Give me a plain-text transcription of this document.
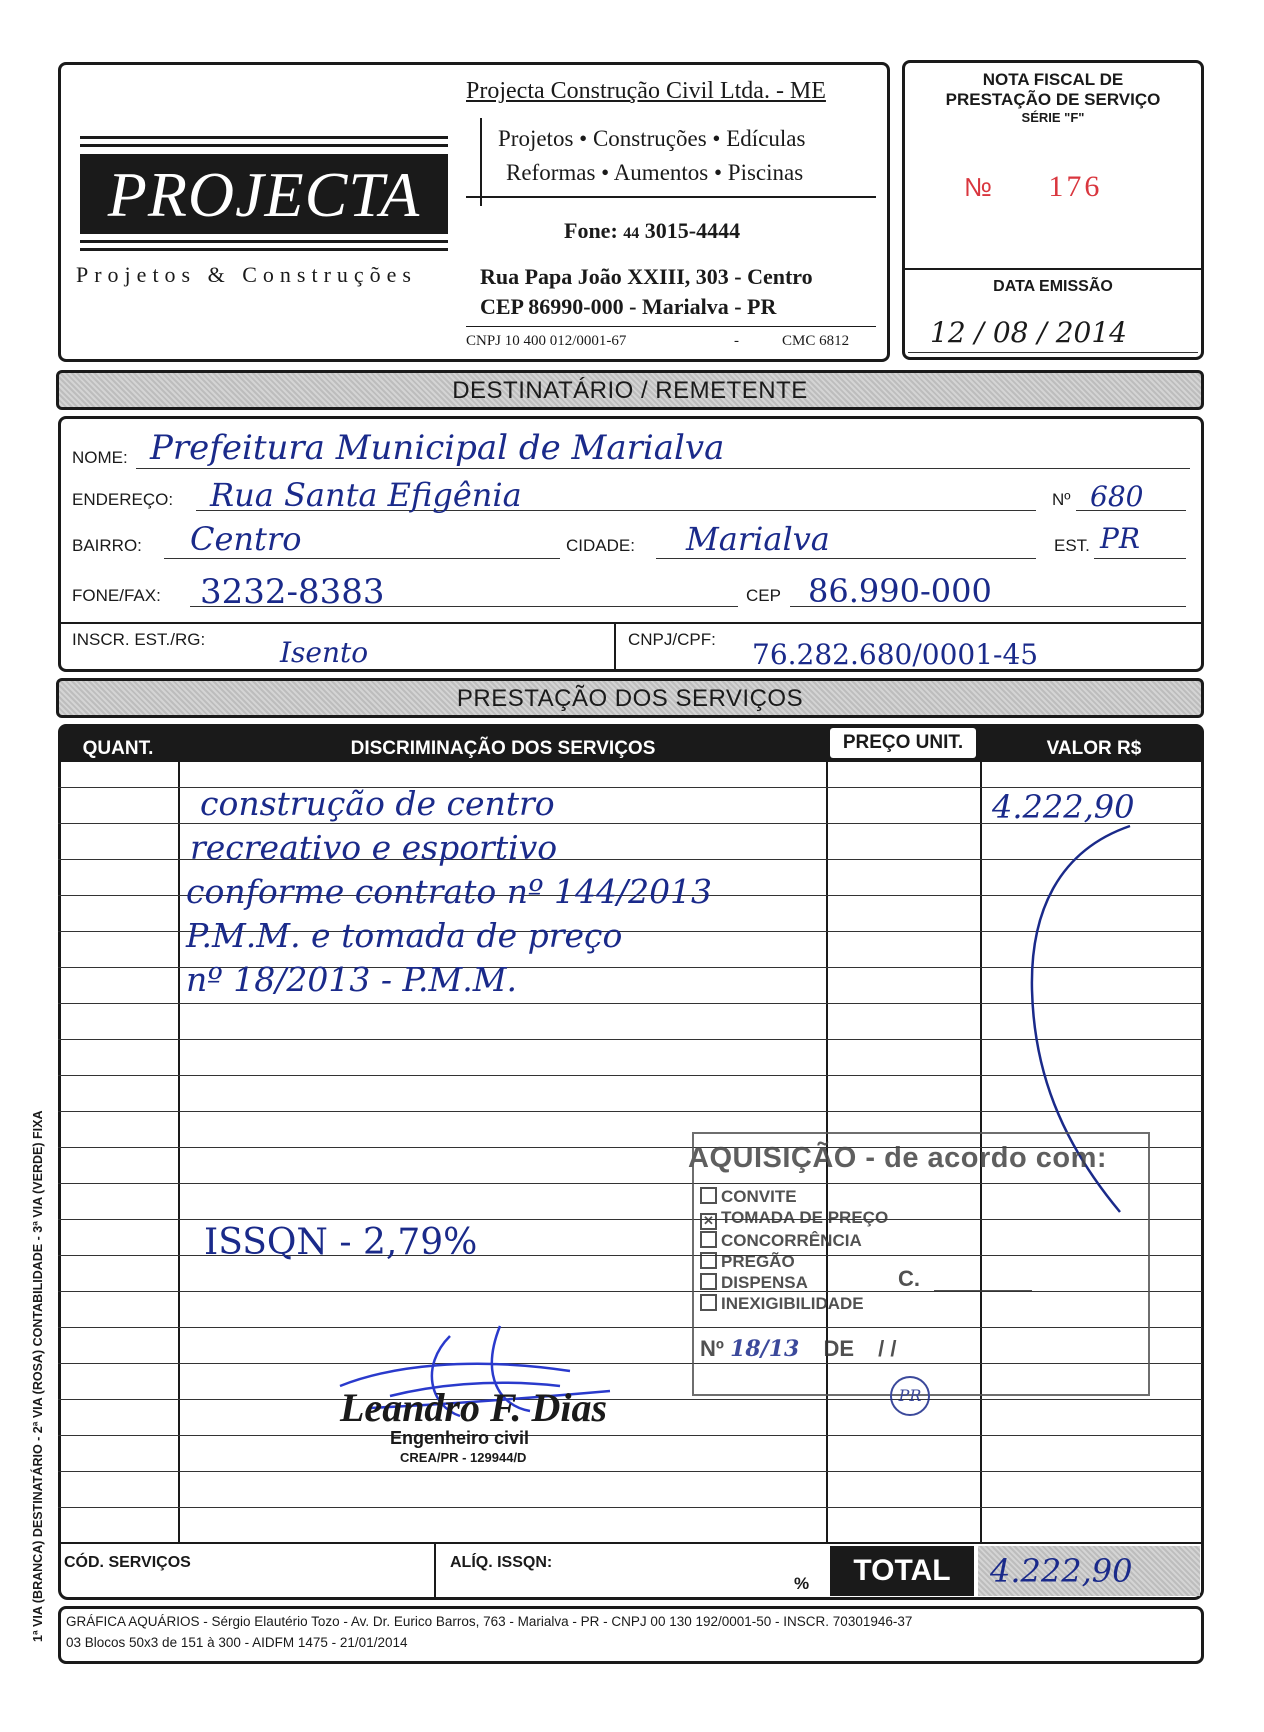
PROJECTA
Projetos & Construções
Projecta Construção Civil Ltda. - ME
Projetos • Construções • Edículas
Reformas • Aumentos • Piscinas
Fone: 44 3015-4444
Rua Papa João XXIII, 303 - Centro
CEP 86990-000 - Marialva - PR
CNPJ 10 400 012/0001-67	-	CMC 6812
NOTA FISCAL DE
PRESTAÇÃO DE SERVIÇO
SÉRIE "F"
№ 176
DATA EMISSÃO
12 / 08 / 2014
DESTINATÁRIO / REMETENTE
NOME: Prefeitura Municipal de Marialva
ENDEREÇO: Rua Santa Efigênia	Nº 680
BAIRRO: Centro	CIDADE: Marialva	EST. PR
FONE/FAX: 3232-8383	CEP 86.990-000
INSCR. EST./RG:	Isento	CNPJ/CPF: 76.282.680/0001-45
PRESTAÇÃO DOS SERVIÇOS
QUANT.	DISCRIMINAÇÃO DOS SERVIÇOS	PREÇO UNIT.	VALOR R$
construção de centro
recreativo e esportivo
conforme contrato nº 144/2013
P.M.M. e tomada de preço
nº 18/2013 - P.M.M.
4.222,90
ISSQN - 2,79%
AQUISIÇÃO - de acordo com:
CONVITE
✕ TOMADA DE PREÇO
CONCORRÊNCIA
PREGÃO
DISPENSA
INEXIGIBILIDADE
C.
Nº 18/13 DE / /
PR
Leandro F. Dias
Engenheiro civil
CREA/PR - 129944/D
CÓD. SERVIÇOS	ALÍQ. ISSQN:
%	TOTAL	4.222,90
GRÁFICA AQUÁRIOS - Sérgio Elautério Tozo - Av. Dr. Eurico Barros, 763 - Marialva - PR - CNPJ 00 130 192/0001-50 - INSCR. 70301946-37
03 Blocos 50x3 de 151 à 300 - AIDFM 1475 - 21/01/2014
1ª VIA (BRANCA) DESTINATÁRIO - 2ª VIA (ROSA) CONTABILIDADE - 3ª VIA (VERDE) FIXA
